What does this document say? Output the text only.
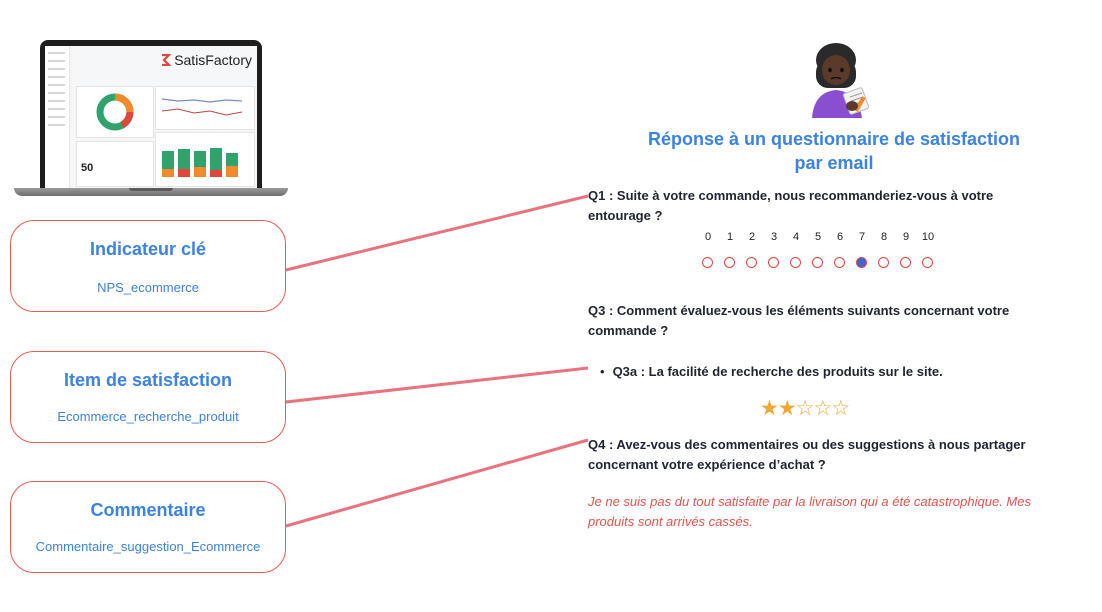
SatisFactory
50
Indicateur clé
NPS_ecommerce
Item de satisfaction
Ecommerce_recherche_produit
Commentaire
Commentaire_suggestion_Ecommerce
Réponse à un questionnaire de satisfaction
par email
Q1 : Suite à votre commande, nous recommanderiez-vous à votre entourage ?
0	1	2	3	4	5	6	7	8	9	10
Q3 : Comment évaluez-vous les éléments suivants concernant votre commande ?
• Q3a : La facilité de recherche des produits sur le site.
★★☆☆☆
Q4 : Avez-vous des commentaires ou des suggestions à nous partager concernant votre expérience d’achat ?
Je ne suis pas du tout satisfaite par la livraison qui a été catastrophique. Mes produits sont arrivés cassés.
